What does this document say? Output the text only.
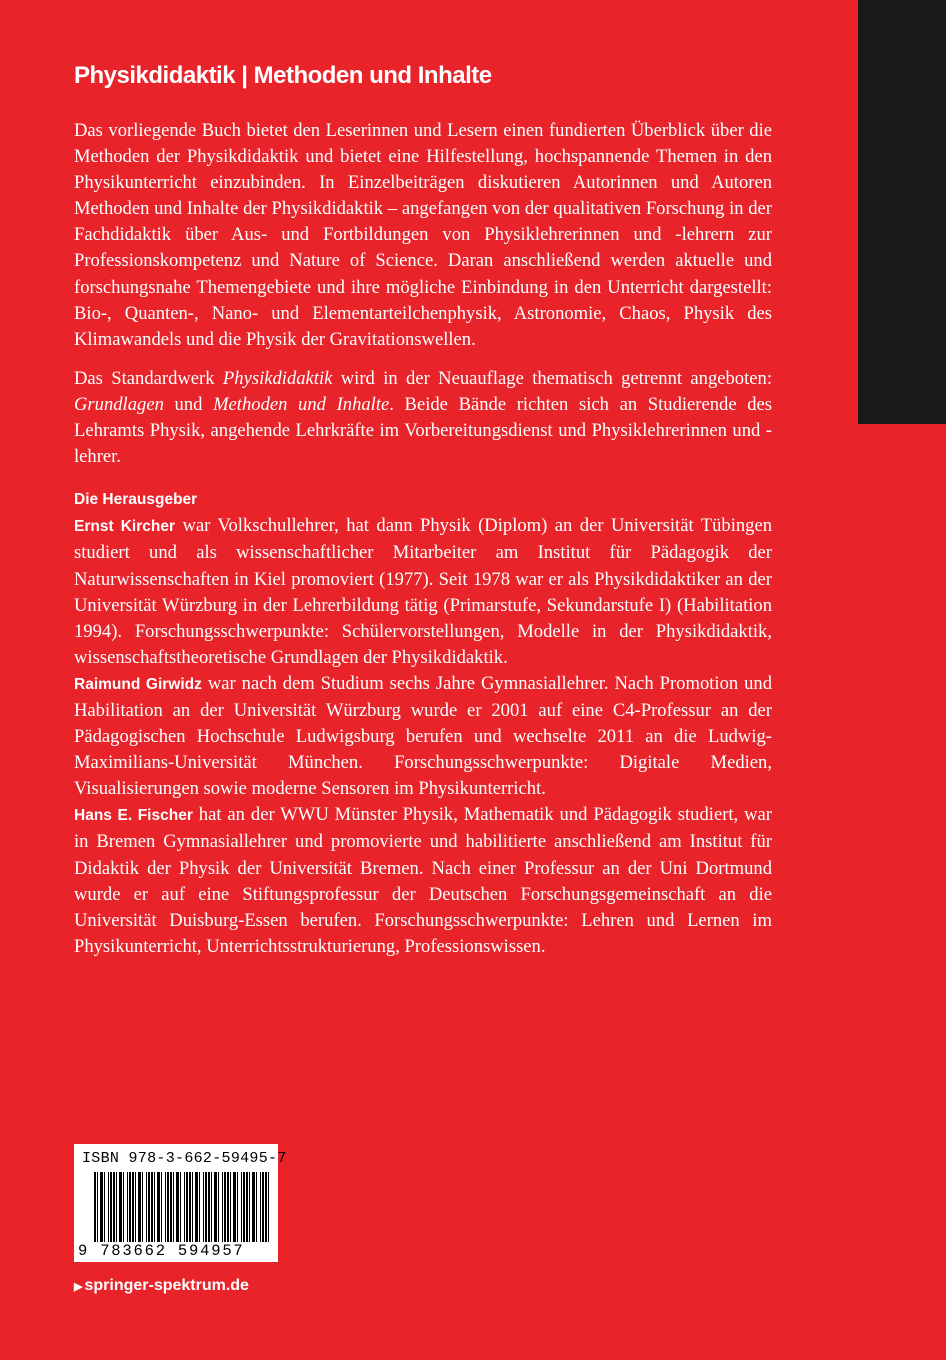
Physikdidaktik | Methoden und Inhalte

Das vorliegende Buch bietet den Leserinnen und Lesern einen fundierten Überblick über die Methoden der Physikdidaktik und bietet eine Hilfestellung, hochspannende Themen in den Physikunterricht einzubinden. In Einzelbeiträgen diskutieren Autorinnen und Autoren Methoden und Inhalte der Physikdidaktik – angefangen von der qualitativen Forschung in der Fachdidaktik über Aus- und Fortbildungen von Physiklehrerinnen und -lehrern zur Professionskompetenz und Nature of Science. Daran anschließend werden aktuelle und forschungsnahe Themengebiete und ihre mögliche Einbindung in den Unterricht dargestellt: Bio-, Quanten-, Nano- und Elementarteilchenphysik, Astronomie, Chaos, Physik des Klimawandels und die Physik der Gravitationswellen.

Das Standardwerk Physikdidaktik wird in der Neuauflage thematisch getrennt angeboten: Grundlagen und Methoden und Inhalte. Beide Bände richten sich an Studierende des Lehramts Physik, angehende Lehrkräfte im Vorbereitungsdienst und Physiklehrerinnen und -lehrer.

Die Herausgeber

Ernst Kircher war Volkschullehrer, hat dann Physik (Diplom) an der Universität Tübingen studiert und als wissenschaftlicher Mitarbeiter am Institut für Pädagogik der Naturwissenschaften in Kiel promoviert (1977). Seit 1978 war er als Physikdidaktiker an der Universität Würzburg in der Lehrerbildung tätig (Primarstufe, Sekundarstufe I) (Habilitation 1994). Forschungsschwerpunkte: Schülervorstellungen, Modelle in der Physikdidaktik, wissenschaftstheoretische Grundlagen der Physikdidaktik.

Raimund Girwidz war nach dem Studium sechs Jahre Gymnasiallehrer. Nach Promotion und Habilitation an der Universität Würzburg wurde er 2001 auf eine C4-Professur an der Pädagogischen Hochschule Ludwigsburg berufen und wechselte 2011 an die Ludwig-Maximilians-Universität München. Forschungsschwerpunkte: Digitale Medien, Visualisierungen sowie moderne Sensoren im Physikunterricht.

Hans E. Fischer hat an der WWU Münster Physik, Mathematik und Pädagogik studiert, war in Bremen Gymnasiallehrer und promovierte und habilitierte anschließend am Institut für Didaktik der Physik der Universität Bremen. Nach einer Professur an der Uni Dortmund wurde er auf eine Stiftungsprofessur der Deutschen Forschungsgemeinschaft an die Universität Duisburg-Essen berufen. Forschungsschwerpunkte: Lehren und Lernen im Physikunterricht, Unterrichtsstrukturierung, Professionswissen.

ISBN 978-3-662-59495-7
9 783662 594957
▶ springer-spektrum.de
